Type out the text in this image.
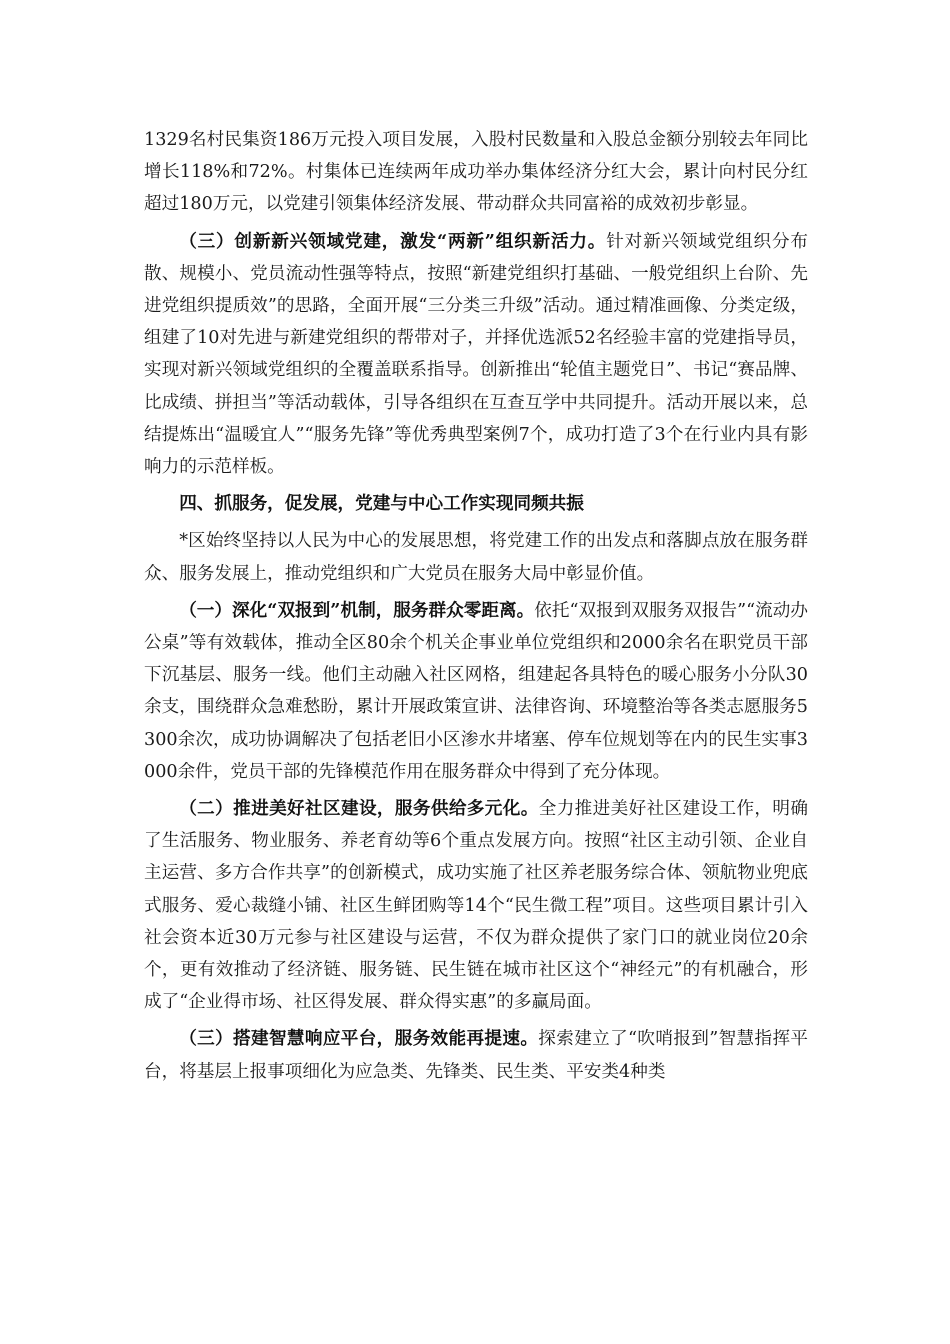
1329名村民集资186万元投入项目发展，入股村民数量和入股总金额分别较去年同比增长118%和72%。村集体已连续两年成功举办集体经济分红大会，累计向村民分红超过180万元，以党建引领集体经济发展、带动群众共同富裕的成效初步彰显。

（三）创新新兴领域党建，激发“两新”组织新活力。针对新兴领域党组织分布散、规模小、党员流动性强等特点，按照“新建党组织打基础、一般党组织上台阶、先进党组织提质效”的思路，全面开展“三分类三升级”活动。通过精准画像、分类定级，组建了10对先进与新建党组织的帮带对子，并择优选派52名经验丰富的党建指导员，实现对新兴领域党组织的全覆盖联系指导。创新推出“轮值主题党日”、书记“赛品牌、比成绩、拼担当”等活动载体，引导各组织在互查互学中共同提升。活动开展以来，总结提炼出“温暖宜人”“服务先锋”等优秀典型案例7个，成功打造了3个在行业内具有影响力的示范样板。

四、抓服务，促发展，党建与中心工作实现同频共振

*区始终坚持以人民为中心的发展思想，将党建工作的出发点和落脚点放在服务群众、服务发展上，推动党组织和广大党员在服务大局中彰显价值。

（一）深化“双报到”机制，服务群众零距离。依托“双报到双服务双报告”“流动办公桌”等有效载体，推动全区80余个机关企事业单位党组织和2000余名在职党员干部下沉基层、服务一线。他们主动融入社区网格，组建起各具特色的暖心服务小分队30余支，围绕群众急难愁盼，累计开展政策宣讲、法律咨询、环境整治等各类志愿服务5300余次，成功协调解决了包括老旧小区渗水井堵塞、停车位规划等在内的民生实事3000余件，党员干部的先锋模范作用在服务群众中得到了充分体现。

（二）推进美好社区建设，服务供给多元化。全力推进美好社区建设工作，明确了生活服务、物业服务、养老育幼等6个重点发展方向。按照“社区主动引领、企业自主运营、多方合作共享”的创新模式，成功实施了社区养老服务综合体、领航物业兜底式服务、爱心裁缝小铺、社区生鲜团购等14个“民生微工程”项目。这些项目累计引入社会资本近30万元参与社区建设与运营，不仅为群众提供了家门口的就业岗位20余个，更有效推动了经济链、服务链、民生链在城市社区这个“神经元”的有机融合，形成了“企业得市场、社区得发展、群众得实惠”的多赢局面。

（三）搭建智慧响应平台，服务效能再提速。探索建立了“吹哨报到”智慧指挥平台，将基层上报事项细化为应急类、先锋类、民生类、平安类4种类
